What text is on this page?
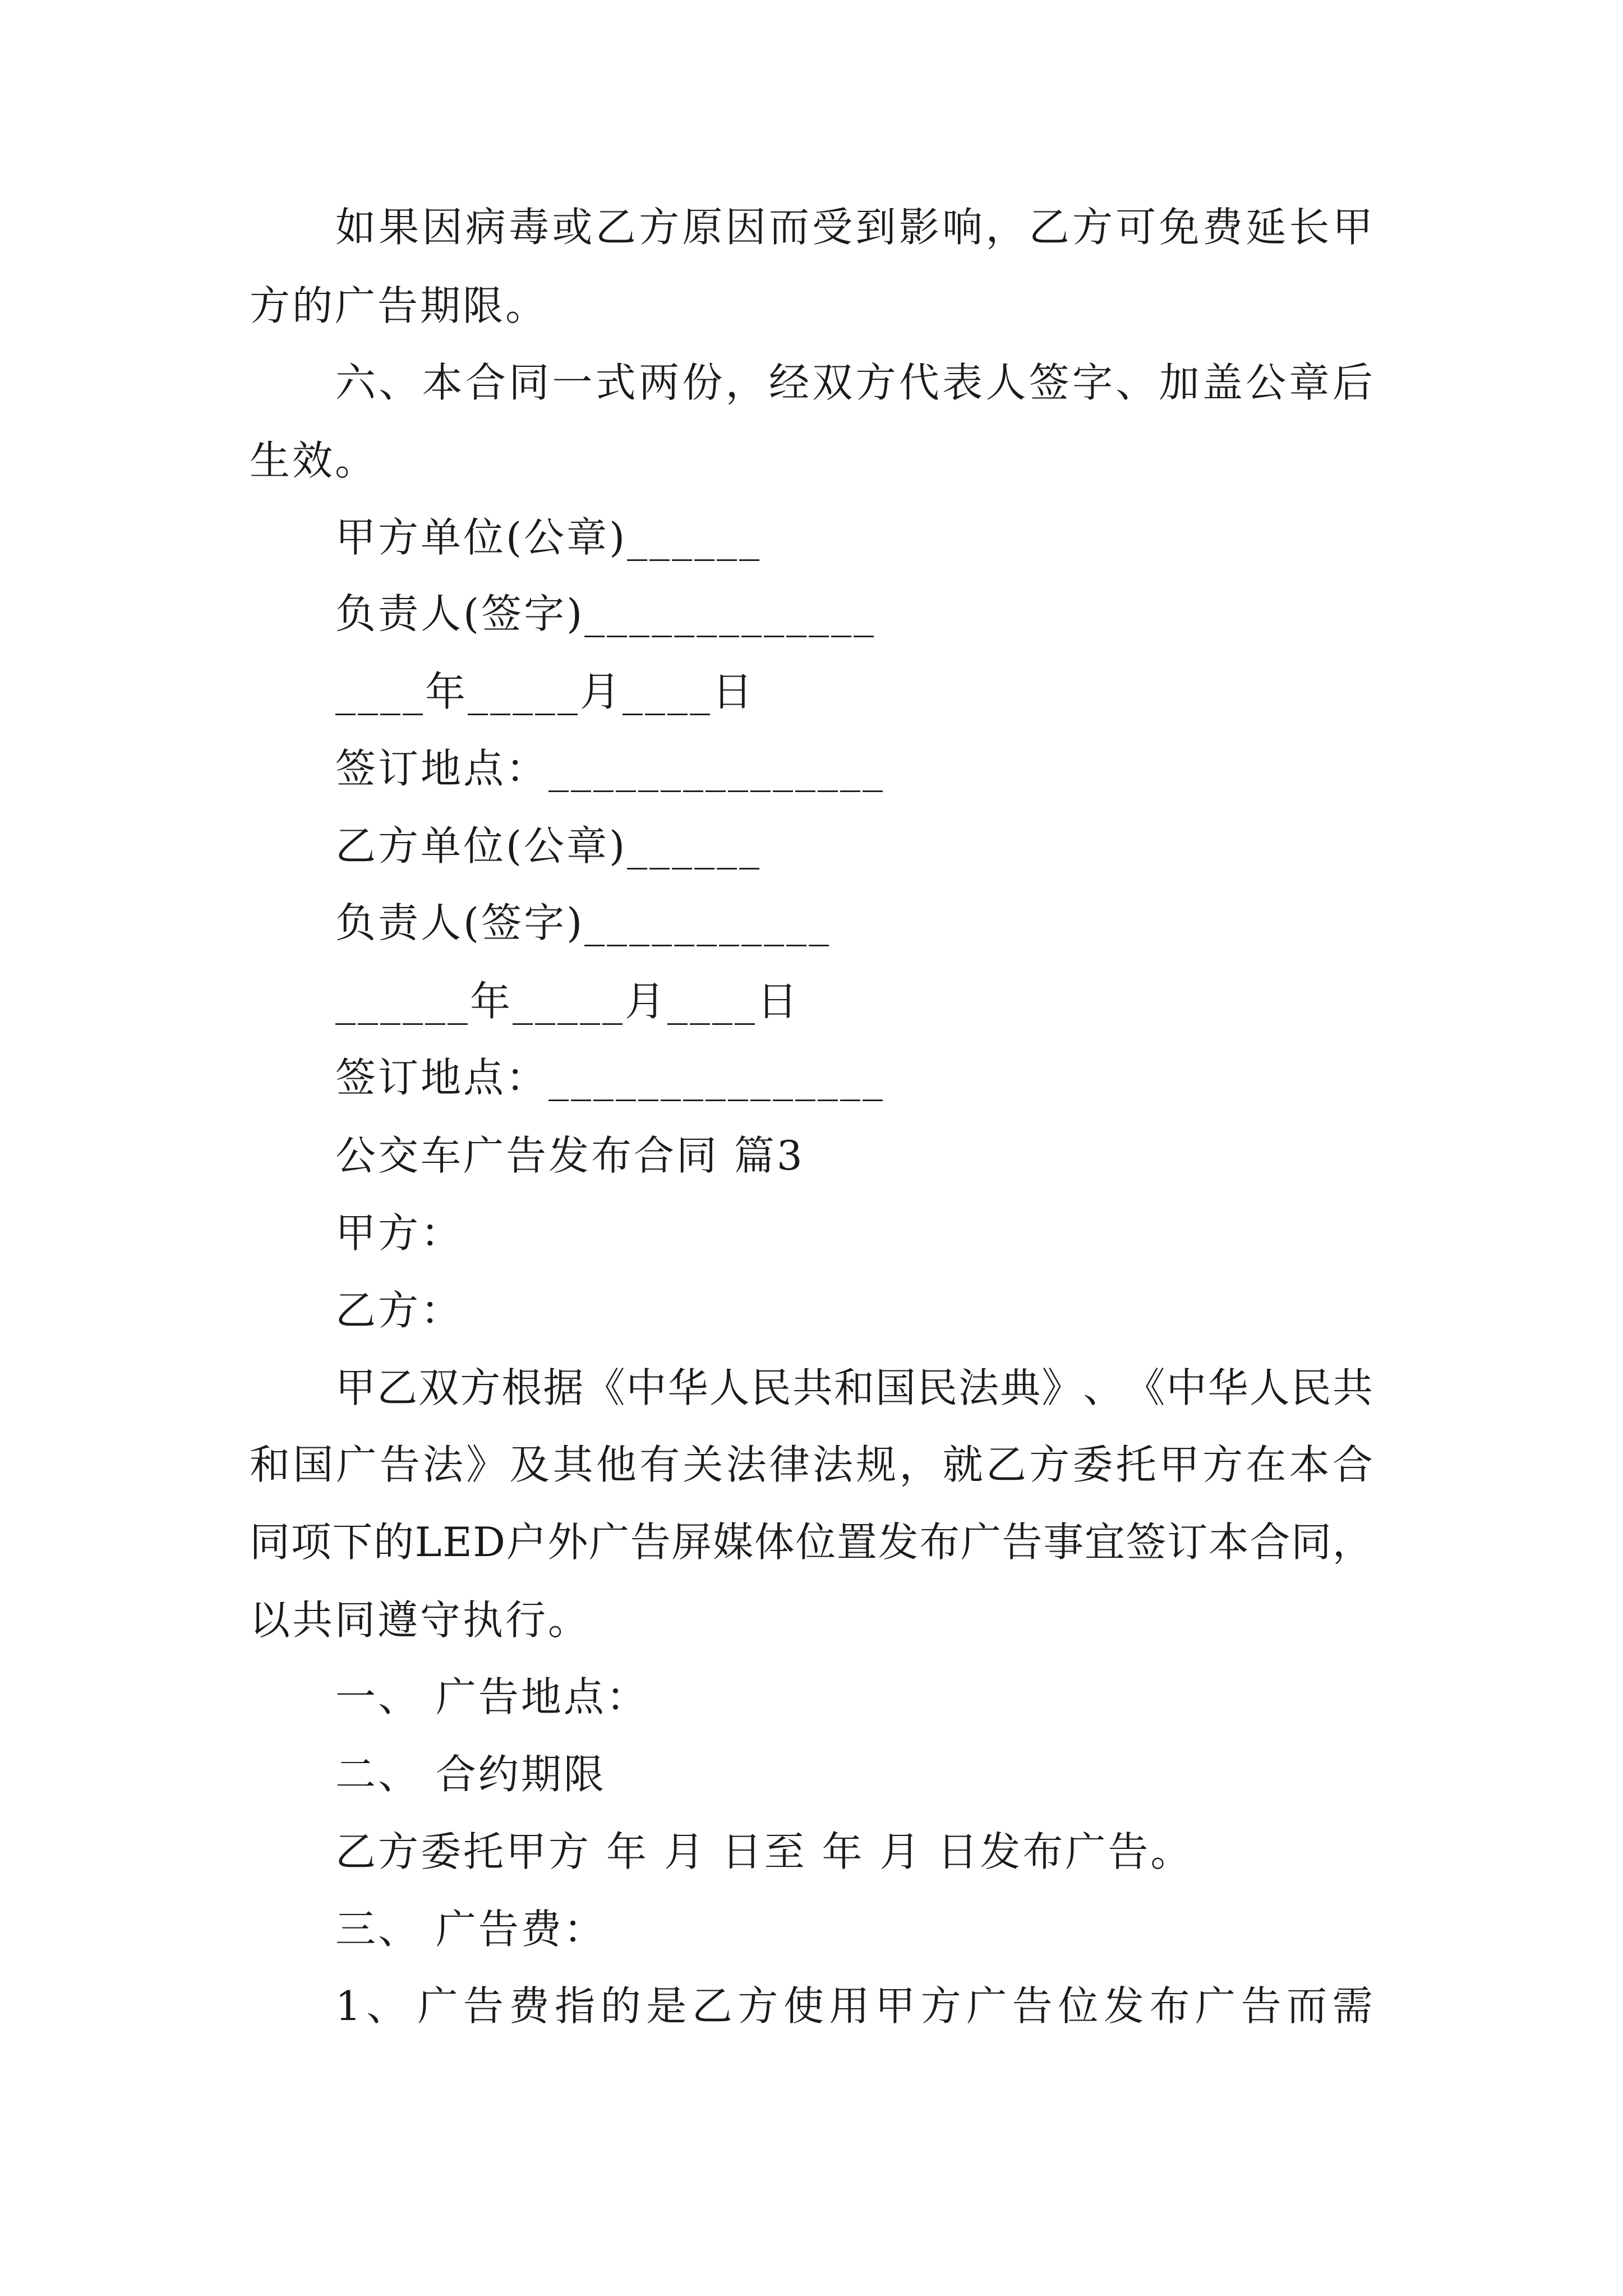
如 果 因 病 毒 或 乙 方 原 因 而 受 到 影 响 ， 乙 方 可 免 费 延 长 甲
方的广告期限。
六 、 本 合 同 一 式 两 份 ， 经 双 方 代 表 人 签 字 、 加 盖 公 章 后
生效。
甲方单位(公章)______
负责人(签字)_____________
____年_____月____日
签订地点：_______________
乙方单位(公章)______
负责人(签字)___________
______年_____月____日
签订地点：_______________
公交车广告发布合同 篇3
甲方：
乙方：
甲 乙 双 方 根 据 《 中 华 人 民 共 和 国 民 法 典 》 、 《 中 华 人 民 共
和 国 广 告 法 》 及 其 他 有 关 法 律 法 规 ， 就 乙 方 委 托 甲 方 在 本 合
同 项 下 的 L E D 户 外 广 告 屏 媒 体 位 置 发 布 广 告 事 宜 签 订 本 合 同 ，
以共同遵守执行。
一、 广告地点：
二、 合约期限
乙方委托甲方 年 月 日至 年 月 日发布广告。
三、 广告费：
1 、 广 告 费 指 的 是 乙 方 使 用 甲 方 广 告 位 发 布 广 告 而 需
